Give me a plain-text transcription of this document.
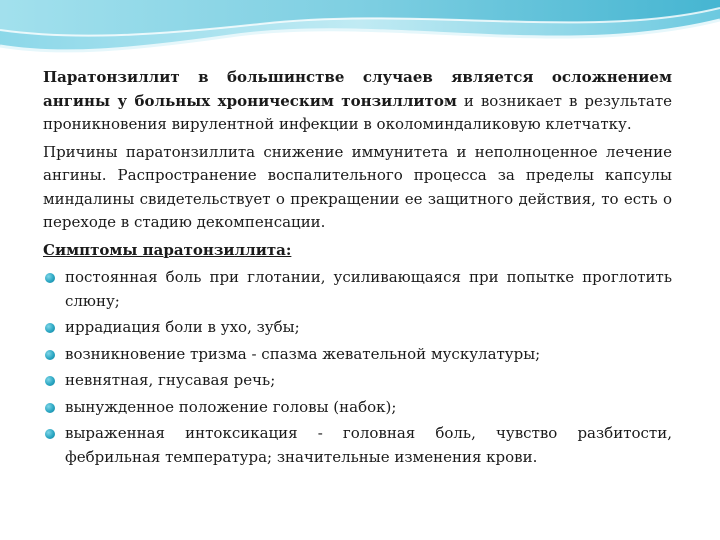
Паратонзиллит в большинстве случаев является осложнением ангины у больных хроническим тонзиллитом и возникает в результате проникновения вирулентной инфекции в околоминдаликовую клетчатку.

Причины паратонзиллита снижение иммунитета и неполноценное лечение ангины. Распространение воспалительного процесса за пределы капсулы миндалины свидетельствует о прекращении ее защитного действия, то есть о переходе в стадию декомпенсации.

Симптомы паратонзиллита:
постоянная боль при глотании, усиливающаяся при попытке проглотить слюну;
иррадиация боли в ухо, зубы;
возникновение тризма - спазма жевательной мускулатуры;
невнятная, гнусавая речь;
вынужденное положение головы (набок);
выраженная интоксикация - головная боль, чувство разбитости, фебрильная температура; значительные изменения крови.
